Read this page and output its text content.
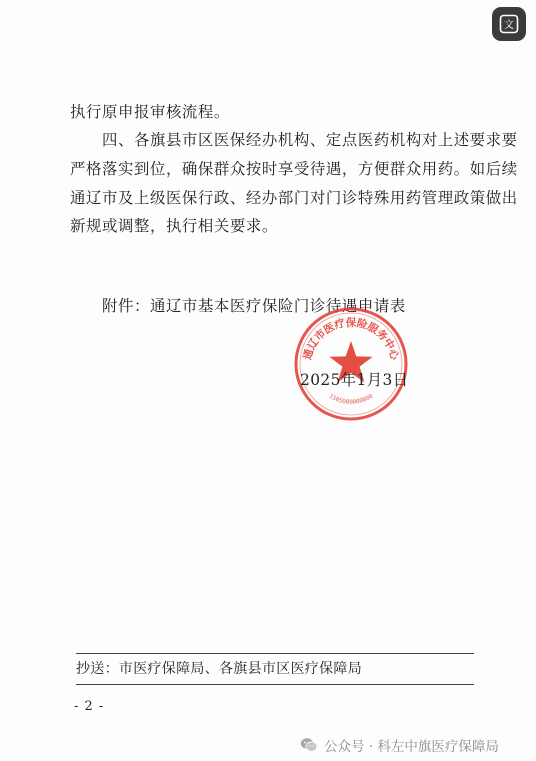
文
执行原申报审核流程。
四、各旗县市区医保经办机构、定点医药机构对上述要求要
严格落实到位，确保群众按时享受待遇，方便群众用药。如后续
通辽市及上级医保行政、经办部门对门诊特殊用药管理政策做出
新规或调整，执行相关要求。
附件：通辽市基本医疗保险门诊待遇申请表
通辽市医疗保险服务中心
1505000000000
2025年1月3日
抄送：市医疗保障局、各旗县市区医疗保障局
- 2 -
公众号 · 科左中旗医疗保障局
